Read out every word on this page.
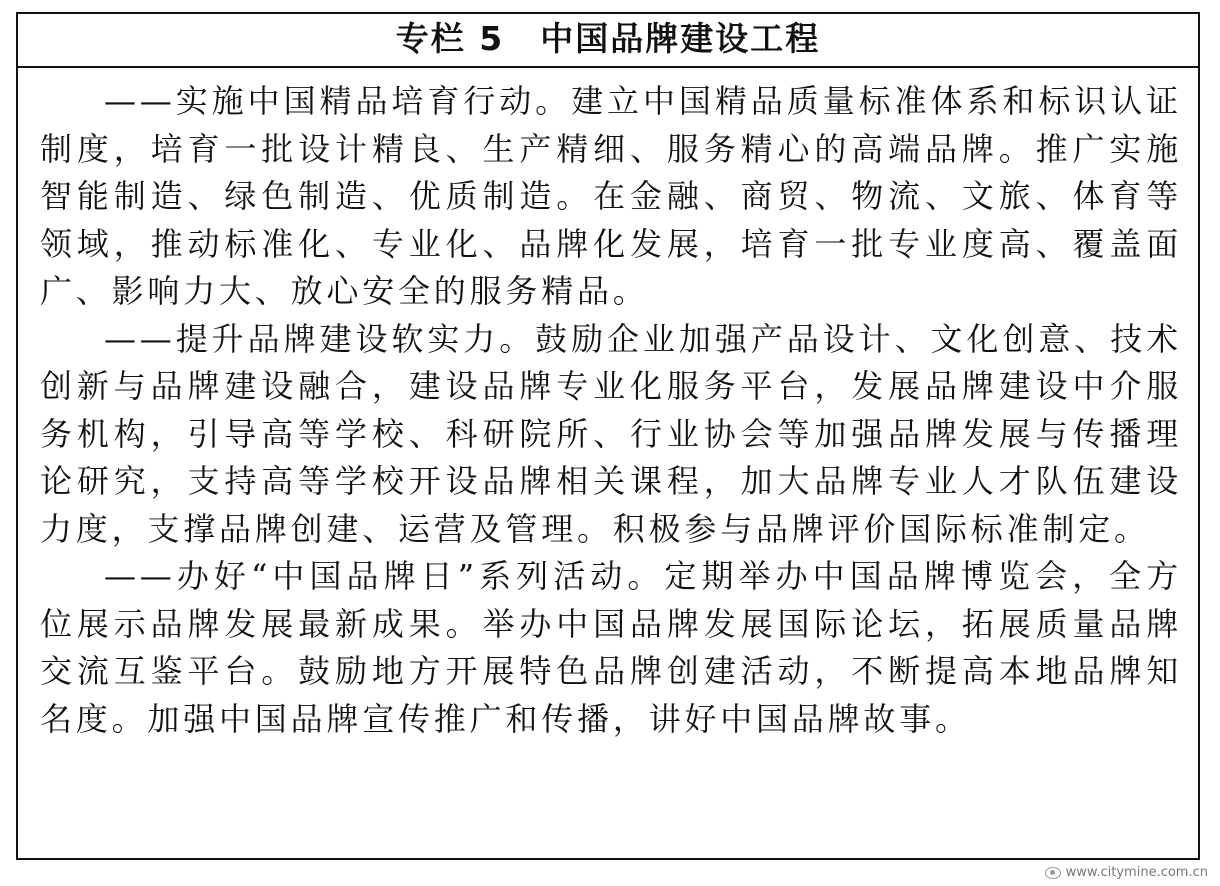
专栏 5 中国品牌建设工程

——实施中国精品培育行动。建立中国精品质量标准体系和标识认证制度，培育一批设计精良、生产精细、服务精心的高端品牌。推广实施智能制造、绿色制造、优质制造。在金融、商贸、物流、文旅、体育等领域，推动标准化、专业化、品牌化发展，培育一批专业度高、覆盖面广、影响力大、放心安全的服务精品。

——提升品牌建设软实力。鼓励企业加强产品设计、文化创意、技术创新与品牌建设融合，建设品牌专业化服务平台，发展品牌建设中介服务机构，引导高等学校、科研院所、行业协会等加强品牌发展与传播理论研究，支持高等学校开设品牌相关课程，加大品牌专业人才队伍建设力度，支撑品牌创建、运营及管理。积极参与品牌评价国际标准制定。

——办好“中国品牌日”系列活动。定期举办中国品牌博览会，全方位展示品牌发展最新成果。举办中国品牌发展国际论坛，拓展质量品牌交流互鉴平台。鼓励地方开展特色品牌创建活动，不断提高本地品牌知名度。加强中国品牌宣传推广和传播，讲好中国品牌故事。

www.citymine.com.cn
